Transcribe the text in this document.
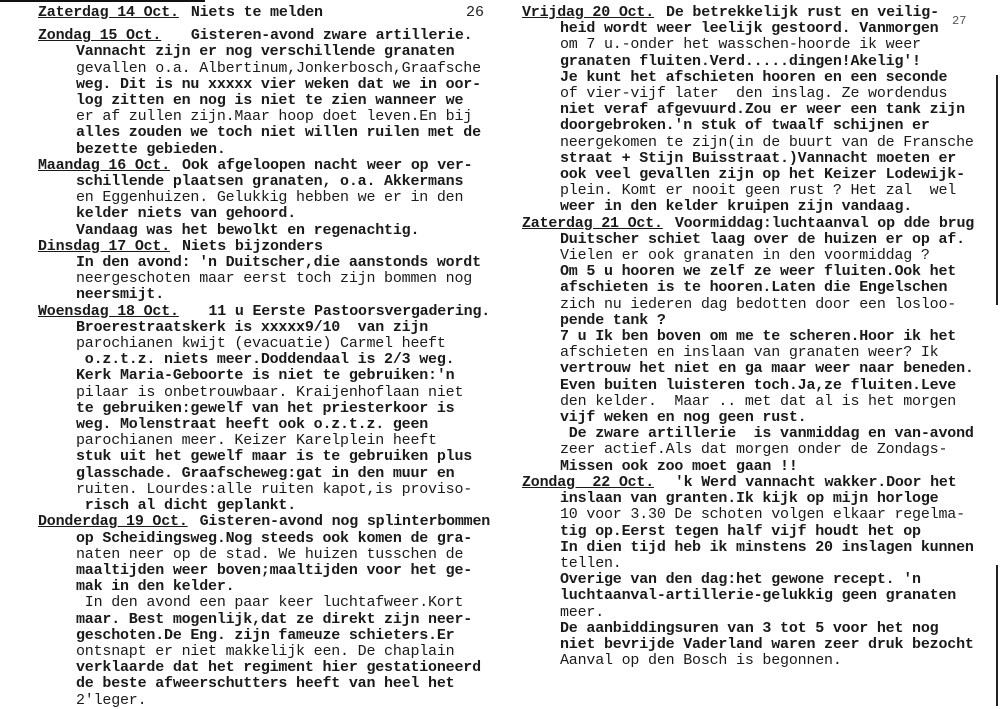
26
Zaterdag 14 Oct. Niets te melden
Zondag 15 Oct.  Gisteren-avond zware artillerie.
Vannacht zijn er nog verschillende granaten
gevallen o.a. Albertinum,Jonkerbosch,Graafsche
weg. Dit is nu xxxxx vier weken dat we in oor-
log zitten en nog is niet te zien wanneer we
er af zullen zijn.Maar hoop doet leven.En bij
alles zouden we toch niet willen ruilen met de
bezette gebieden.
Maandag 16 Oct. Ook afgeloopen nacht weer op ver-
schillende plaatsen granaten, o.a. Akkermans
en Eggenhuizen. Gelukkig hebben we er in den
kelder niets van gehoord.
Vandaag was het bewolkt en regenachtig.
Dinsdag 17 Oct. Niets bijzonders
In den avond: 'n Duitscher,die aanstonds wordt
neergeschoten maar eerst toch zijn bommen nog
neersmijt.
Woensdag 18 Oct.  11 u Eerste Pastoorsvergadering.
Broerestraatskerk is xxxxx9/10  van zijn
parochianen kwijt (evacuatie) Carmel heeft
o.z.t.z. niets meer.Doddendaal is 2/3 weg.
Kerk Maria-Geboorte is niet te gebruiken:'n
pilaar is onbetrouwbaar. Kraijenhoflaan niet
te gebruiken:gewelf van het priesterkoor is
weg. Molenstraat heeft ook o.z.t.z. geen
parochianen meer. Keizer Karelplein heeft
stuk uit het gewelf maar is te gebruiken plus
glasschade. Graafscheweg:gat in den muur en
ruiten. Lourdes:alle ruiten kapot,is proviso-
risch al dicht geplankt.
Donderdag 19 Oct. Gisteren-avond nog splinterbommen
op Scheidingsweg.Nog steeds ook komen de gra-
naten neer op de stad. We huizen tusschen de
maaltijden weer boven;maaltijden voor het ge-
mak in den kelder.
In den avond een paar keer luchtafweer.Kort
maar. Best mogenlijk,dat ze direkt zijn neer-
geschoten.De Eng. zijn fameuze schieters.Er
ontsnapt er niet makkelijk een. De chaplain
verklaarde dat het regiment hier gestationeerd
de beste afweerschutters heeft van heel het
2'leger.
27
Vrijdag 20 Oct. De betrekkelijk rust en veilig-
heid wordt weer leelijk gestoord. Vanmorgen
om 7 u.-onder het wasschen-hoorde ik weer
granaten fluiten.Verd.....dingen!Akelig'!
Je kunt het afschieten hooren en een seconde
of vier-vijf later  den inslag. Ze wordendus
niet veraf afgevuurd.Zou er weer een tank zijn
doorgebroken.'n stuk of twaalf schijnen er
neergekomen te zijn(in de buurt van de Fransche
straat + Stijn Buisstraat.)Vannacht moeten er
ook veel gevallen zijn op het Keizer Lodewijk-
plein. Komt er nooit geen rust ? Het zal  wel
weer in den kelder kruipen zijn vandaag.
Zaterdag 21 Oct. Voormiddag:luchtaanval op dde brug
Duitscher schiet laag over de huizen er op af.
Vielen er ook granaten in den voormiddag ?
Om 5 u hooren we zelf ze weer fluiten.Ook het
afschieten is te hooren.Laten die Engelschen
zich nu iederen dag bedotten door een losloo-
pende tank ?
7 u Ik ben boven om me te scheren.Hoor ik het
afschieten en inslaan van granaten weer? Ik
vertrouw het niet en ga maar weer naar beneden.
Even buiten luisteren toch.Ja,ze fluiten.Leve
den kelder.  Maar .. met dat al is het morgen
vijf weken en nog geen rust.
De zware artillerie  is vanmiddag en van-avond
zeer actief.Als dat morgen onder de Zondags-
Missen ook zoo moet gaan !!
Zondag  22 Oct. 'k Werd vannacht wakker.Door het
inslaan van granten.Ik kijk op mijn horloge
10 voor 3.30 De schoten volgen elkaar regelma-
tig op.Eerst tegen half vijf houdt het op
In dien tijd heb ik minstens 20 inslagen kunnen
tellen.
Overige van den dag:het gewone recept. 'n
luchtaanval-artillerie-gelukkig geen granaten
meer.
De aanbiddingsuren van 3 tot 5 voor het nog
niet bevrijde Vaderland waren zeer druk bezocht
Aanval op den Bosch is begonnen.
